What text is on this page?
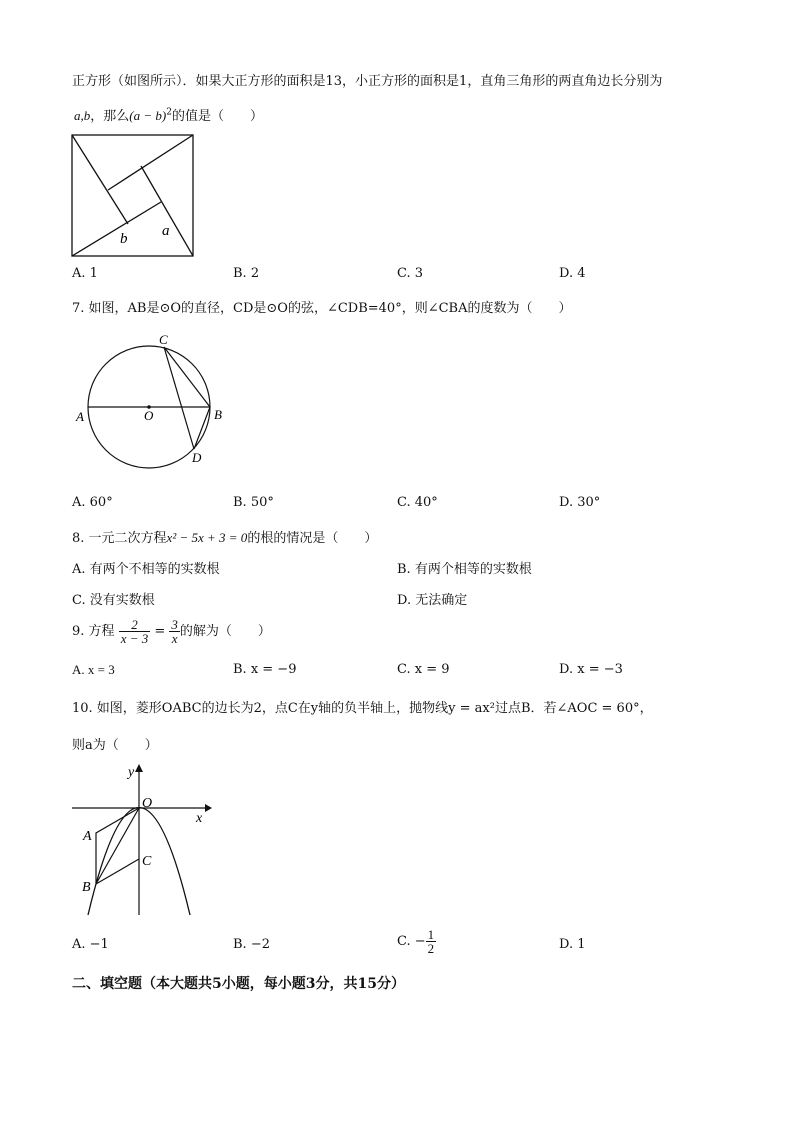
正方形（如图所示）．如果大正方形的面积是13，小正方形的面积是1，直角三角形的两直角边长分别为
a,b，那么$(a - b)^2$的值是（　　）
b a
A. 1	B. 2	C. 3	D. 4
7. 如图，AB是⊙O的直径，CD是⊙O的弦，∠CDB=40°，则∠CBA的度数为（　　）
A	O	B
C
D
A. 60°	B. 50°	C. 40°	D. 30°
8. 一元二次方程x² − 5x + 3 = 0的根的情况是（　　）
A. 有两个不相等的实数根	B. 有两个相等的实数根
C. 没有实数根	D. 无法确定
9. 方程 $\frac{2}{x - 3} = \frac{3}{x}$ 的解为（　　）
A. x = 3	B. x = −9	C. x = 9	D. x = −3
10. 如图，菱形OABC的边长为2，点C在y轴的负半轴上，抛物线y = ax²过点B．若∠AOC = 60°，
则a为（　　）
y
x
O
A
B
C
A. −1	B. −2	C. − $\frac{1}{2}$	D. 1
二、填空题（本大题共5小题，每小题3分，共15分）
